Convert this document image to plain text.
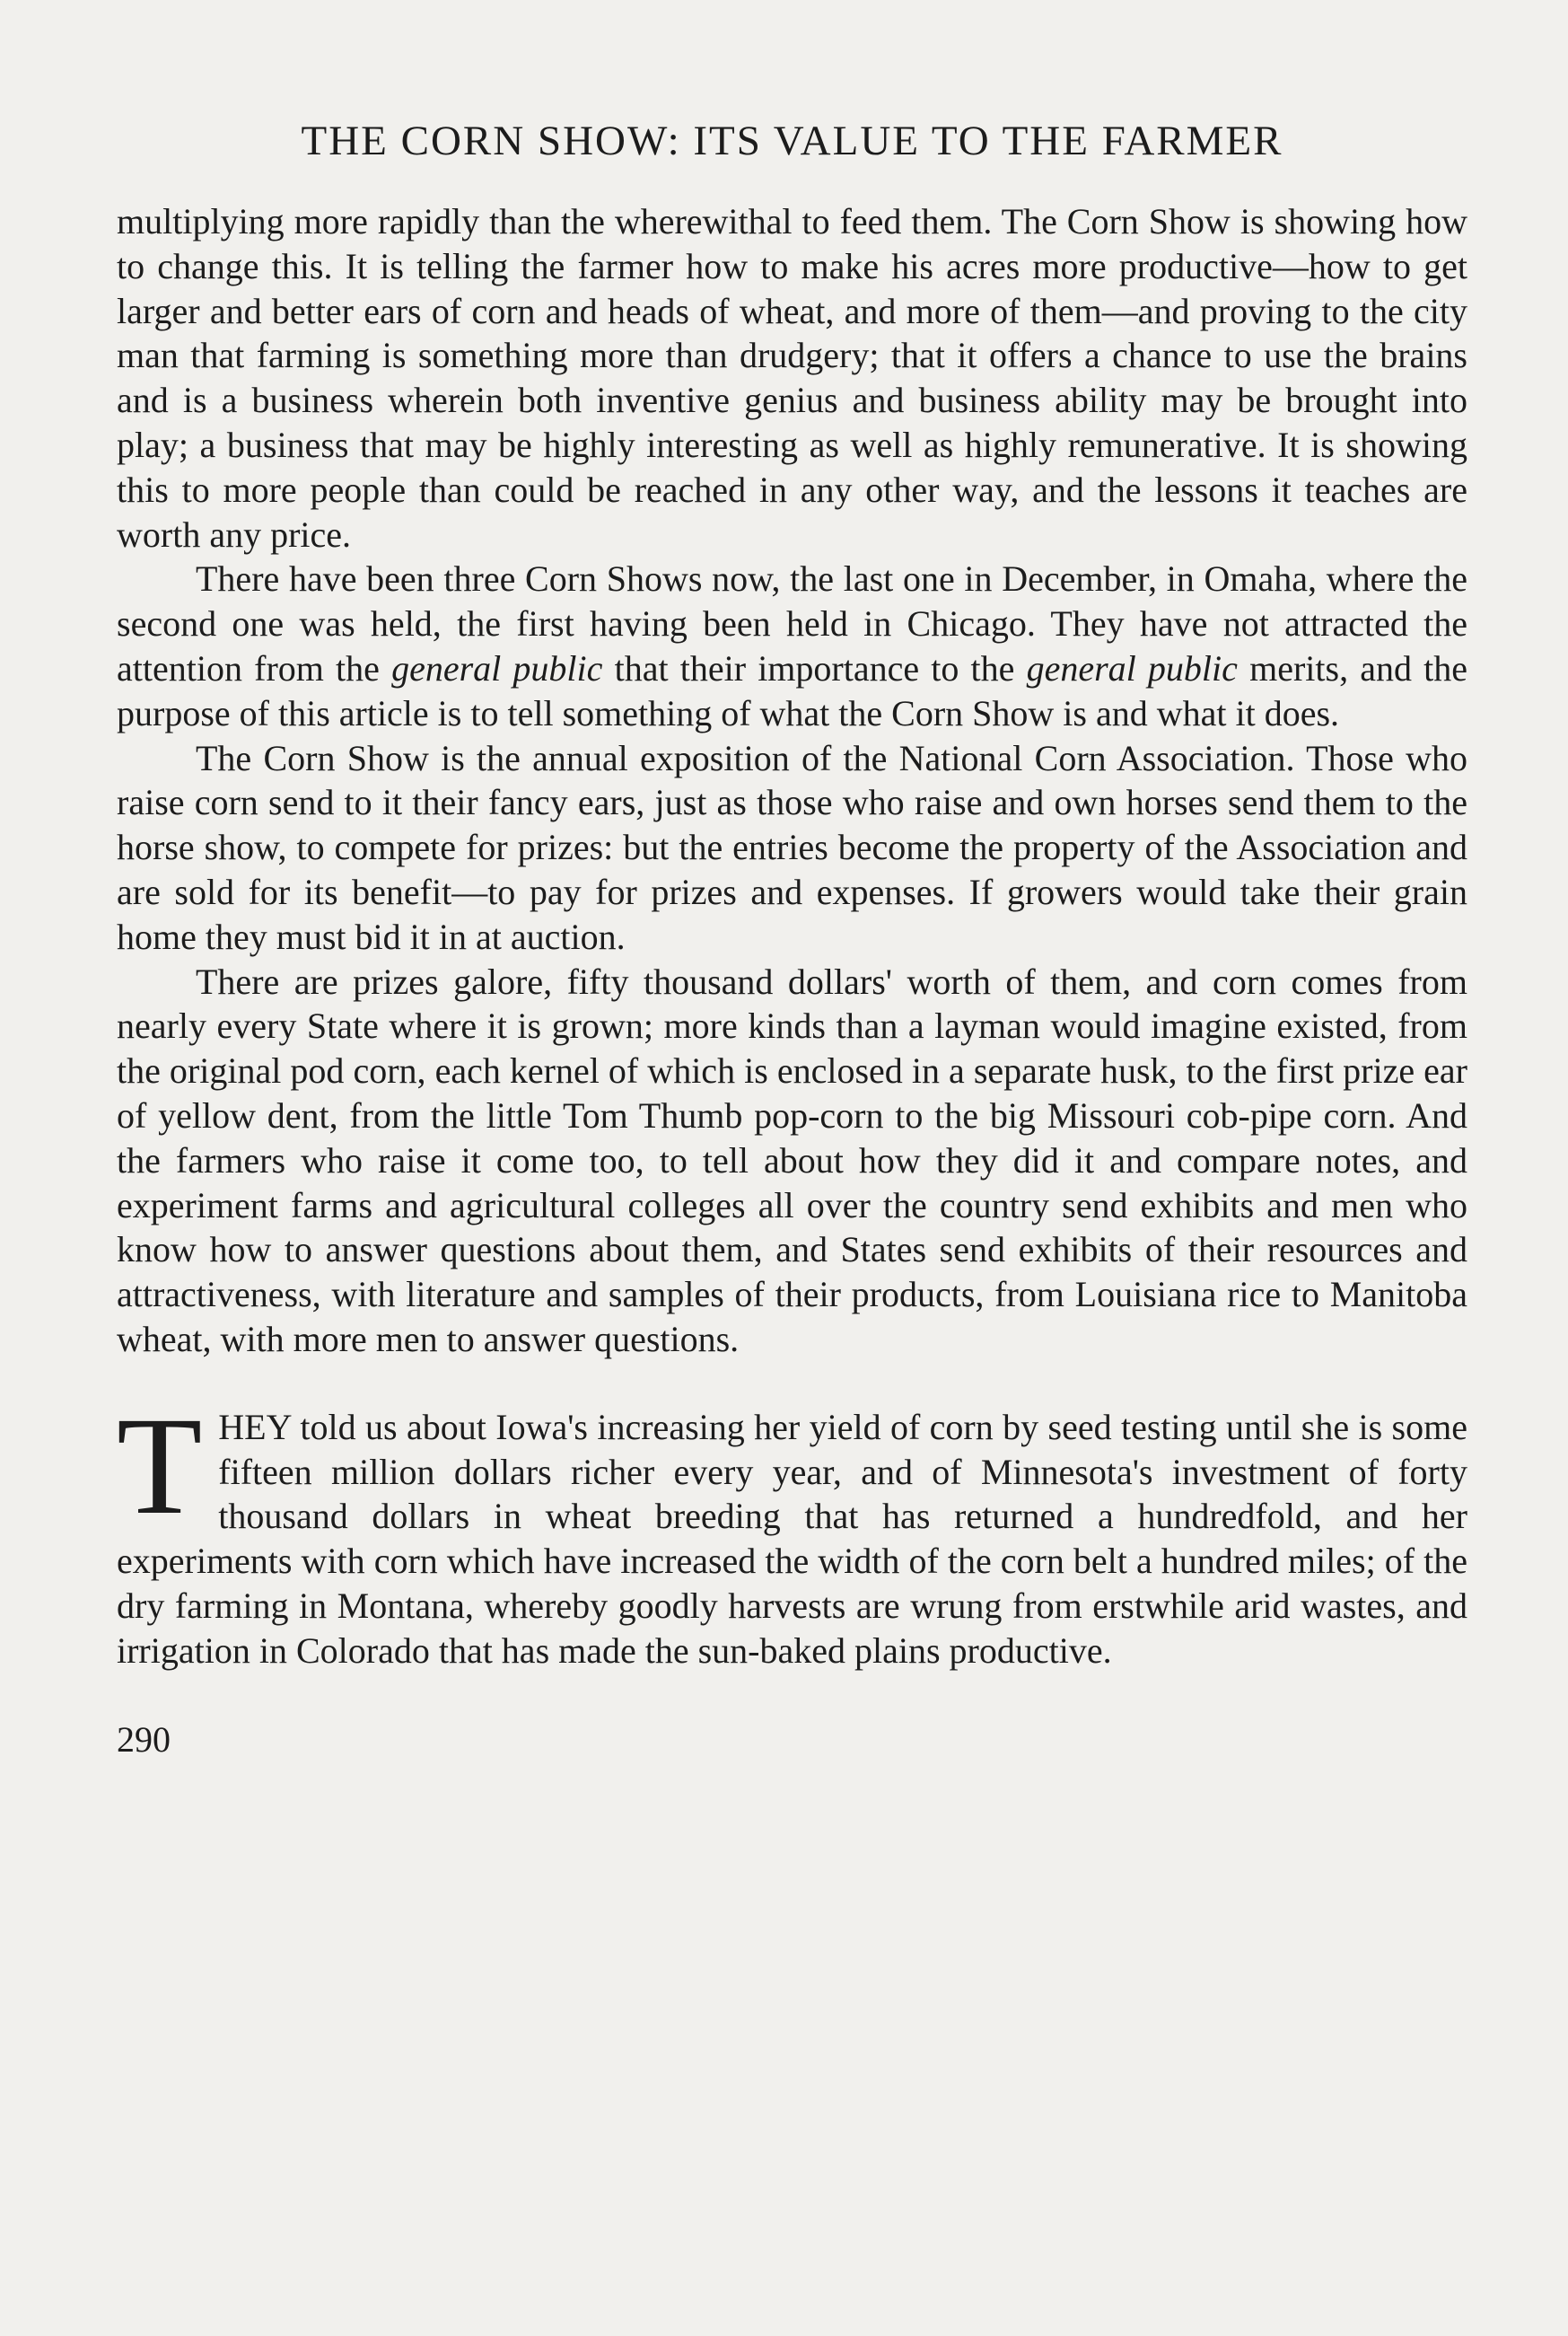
THE CORN SHOW: ITS VALUE TO THE FARMER

multiplying more rapidly than the wherewithal to feed them. The Corn Show is showing how to change this. It is telling the farmer how to make his acres more productive—how to get larger and better ears of corn and heads of wheat, and more of them—and proving to the city man that farming is something more than drudgery; that it offers a chance to use the brains and is a business wherein both inventive genius and business ability may be brought into play; a business that may be highly interesting as well as highly remunerative. It is showing this to more people than could be reached in any other way, and the lessons it teaches are worth any price.

There have been three Corn Shows now, the last one in December, in Omaha, where the second one was held, the first having been held in Chicago. They have not attracted the attention from the general public that their importance to the general public merits, and the purpose of this article is to tell something of what the Corn Show is and what it does.

The Corn Show is the annual exposition of the National Corn Association. Those who raise corn send to it their fancy ears, just as those who raise and own horses send them to the horse show, to compete for prizes: but the entries become the property of the Association and are sold for its benefit—to pay for prizes and expenses. If growers would take their grain home they must bid it in at auction.

There are prizes galore, fifty thousand dollars' worth of them, and corn comes from nearly every State where it is grown; more kinds than a layman would imagine existed, from the original pod corn, each kernel of which is enclosed in a separate husk, to the first prize ear of yellow dent, from the little Tom Thumb pop-corn to the big Missouri cob-pipe corn. And the farmers who raise it come too, to tell about how they did it and compare notes, and experiment farms and agricultural colleges all over the country send exhibits and men who know how to answer questions about them, and States send exhibits of their resources and attractiveness, with literature and samples of their products, from Louisiana rice to Manitoba wheat, with more men to answer questions.

THEY told us about Iowa's increasing her yield of corn by seed testing until she is some fifteen million dollars richer every year, and of Minnesota's investment of forty thousand dollars in wheat breeding that has returned a hundredfold, and her experiments with corn which have increased the width of the corn belt a hundred miles; of the dry farming in Montana, whereby goodly harvests are wrung from erstwhile arid wastes, and irrigation in Colorado that has made the sun-baked plains productive.

290
